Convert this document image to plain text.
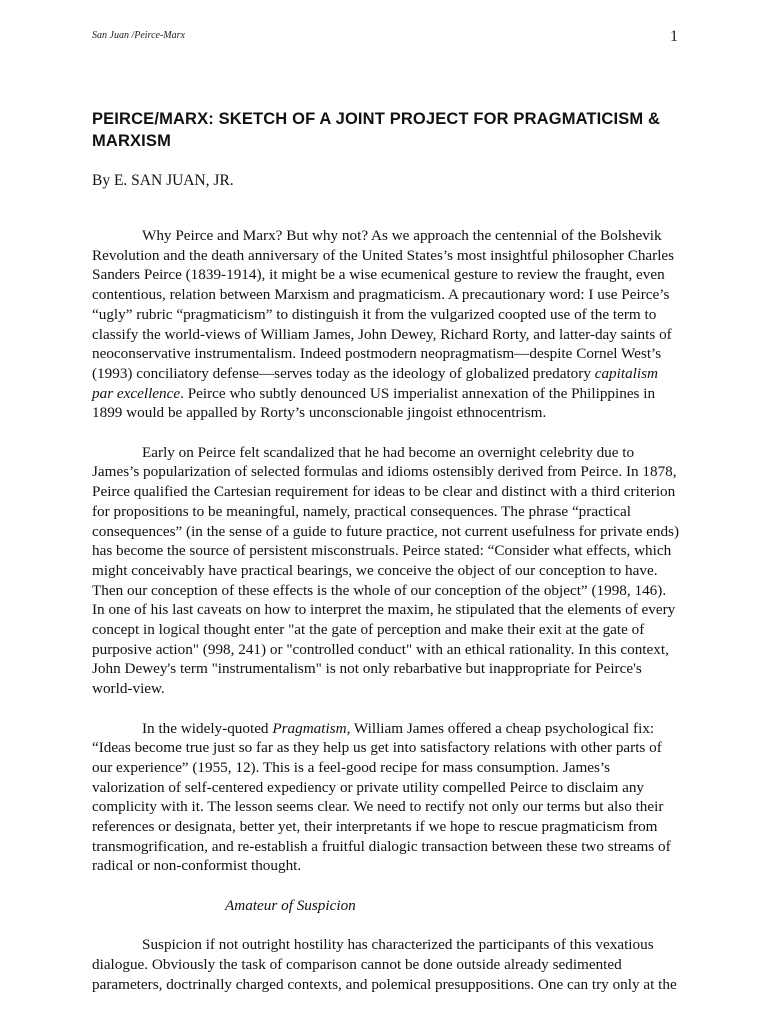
San Juan /Peirce-Marx	1
PEIRCE/MARX: SKETCH OF A JOINT PROJECT FOR PRAGMATICISM & MARXISM

By E. SAN JUAN, JR.

Why Peirce and Marx? But why not? As we approach the centennial of the Bolshevik Revolution and the death anniversary of the United States’s most insightful philosopher Charles Sanders Peirce (1839-1914), it might be a wise ecumenical gesture to review the fraught, even contentious, relation between Marxism and pragmaticism. A precautionary word: I use Peirce’s “ugly” rubric “pragmaticism” to distinguish it from the vulgarized coopted use of the term to classify the world-views of William James, John Dewey, Richard Rorty, and latter-day saints of neoconservative instrumentalism. Indeed postmodern neopragmatism—despite Cornel West’s (1993) conciliatory defense—serves today as the ideology of globalized predatory capitalism par excellence. Peirce who subtly denounced US imperialist annexation of the Philippines in 1899 would be appalled by Rorty’s unconscionable jingoist ethnocentrism.

Early on Peirce felt scandalized that he had become an overnight celebrity due to James’s popularization of selected formulas and idioms ostensibly derived from Peirce. In 1878, Peirce qualified the Cartesian requirement for ideas to be clear and distinct with a third criterion for propositions to be meaningful, namely, practical consequences. The phrase “practical consequences” (in the sense of a guide to future practice, not current usefulness for private ends) has become the source of persistent misconstruals. Peirce stated: “Consider what effects, which might conceivably have practical bearings, we conceive the object of our conception to have. Then our conception of these effects is the whole of our conception of the object” (1998, 146). In one of his last caveats on how to interpret the maxim, he stipulated that the elements of every concept in logical thought enter "at the gate of perception and make their exit at the gate of purposive action" (998, 241) or "controlled conduct" with an ethical rationality. In this context, John Dewey's term "instrumentalism" is not only rebarbative but inappropriate for Peirce's world-view.

In the widely-quoted Pragmatism, William James offered a cheap psychological fix: “Ideas become true just so far as they help us get into satisfactory relations with other parts of our experience” (1955, 12). This is a feel-good recipe for mass consumption. James’s valorization of self-centered expediency or private utility compelled Peirce to disclaim any complicity with it. The lesson seems clear. We need to rectify not only our terms but also their references or designata, better yet, their interpretants if we hope to rescue pragmaticism from transmogrification, and re-establish a fruitful dialogic transaction between these two streams of radical or non-conformist thought.

Amateur of Suspicion

Suspicion if not outright hostility has characterized the participants of this vexatious dialogue. Obviously the task of comparison cannot be done outside already sedimented parameters, doctrinally charged contexts, and polemical presuppositions. One can try only at the
